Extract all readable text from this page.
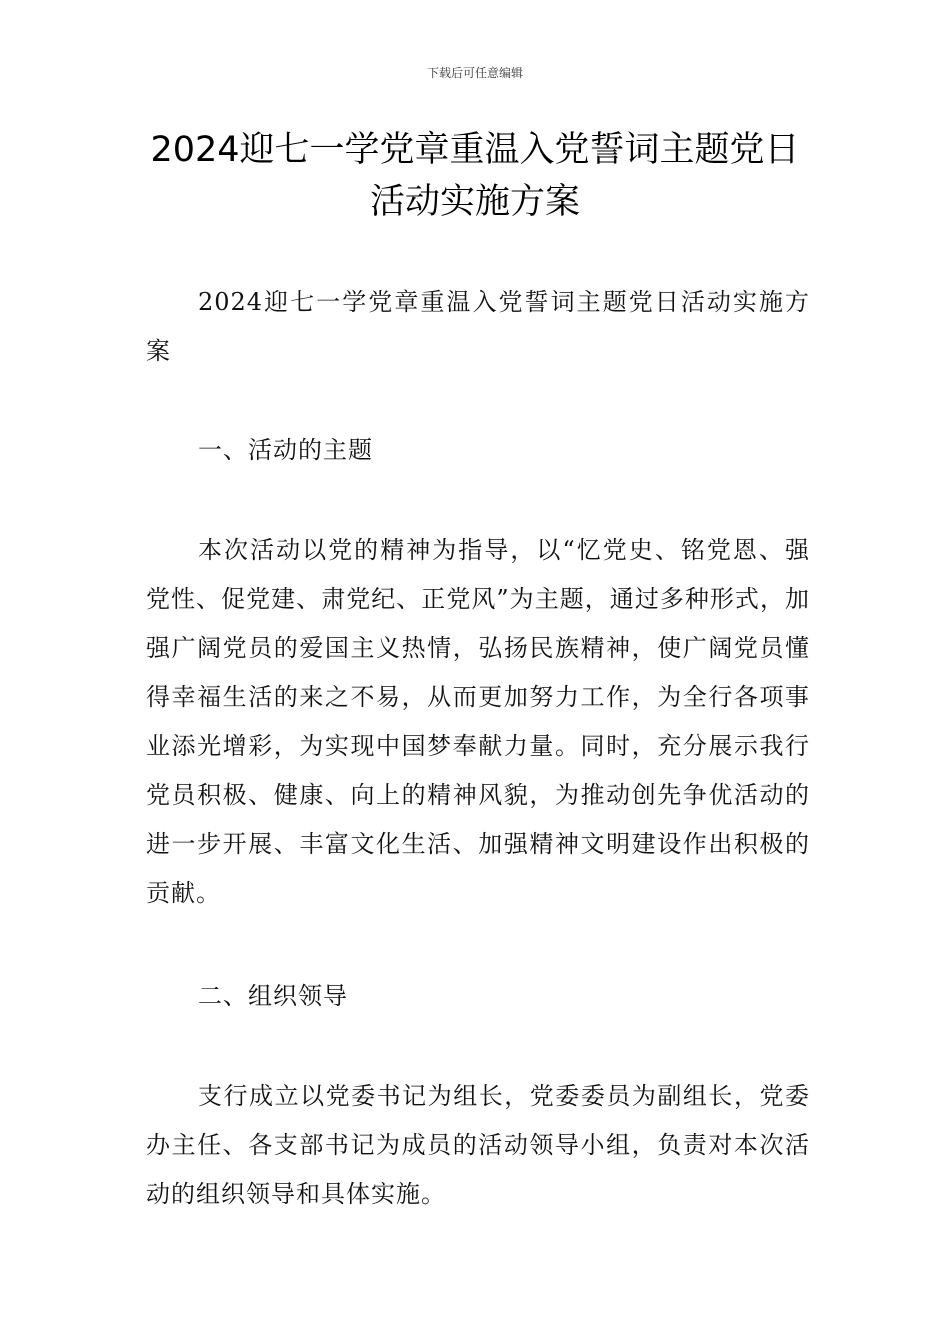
下载后可任意编辑
2024迎七一学党章重温入党誓词主题党日
活动实施方案

2024迎七一学党章重温入党誓词主题党日活动实施方案

一、活动的主题

本次活动以党的精神为指导，以“忆党史、铭党恩、强党性、促党建、肃党纪、正党风”为主题，通过多种形式，加强广阔党员的爱国主义热情，弘扬民族精神，使广阔党员懂得幸福生活的来之不易，从而更加努力工作，为全行各项事业添光增彩，为实现中国梦奉献力量。同时，充分展示我行党员积极、健康、向上的精神风貌，为推动创先争优活动的进一步开展、丰富文化生活、加强精神文明建设作出积极的贡献。

二、组织领导

支行成立以党委书记为组长，党委委员为副组长，党委办主任、各支部书记为成员的活动领导小组，负责对本次活动的组织领导和具体实施。
